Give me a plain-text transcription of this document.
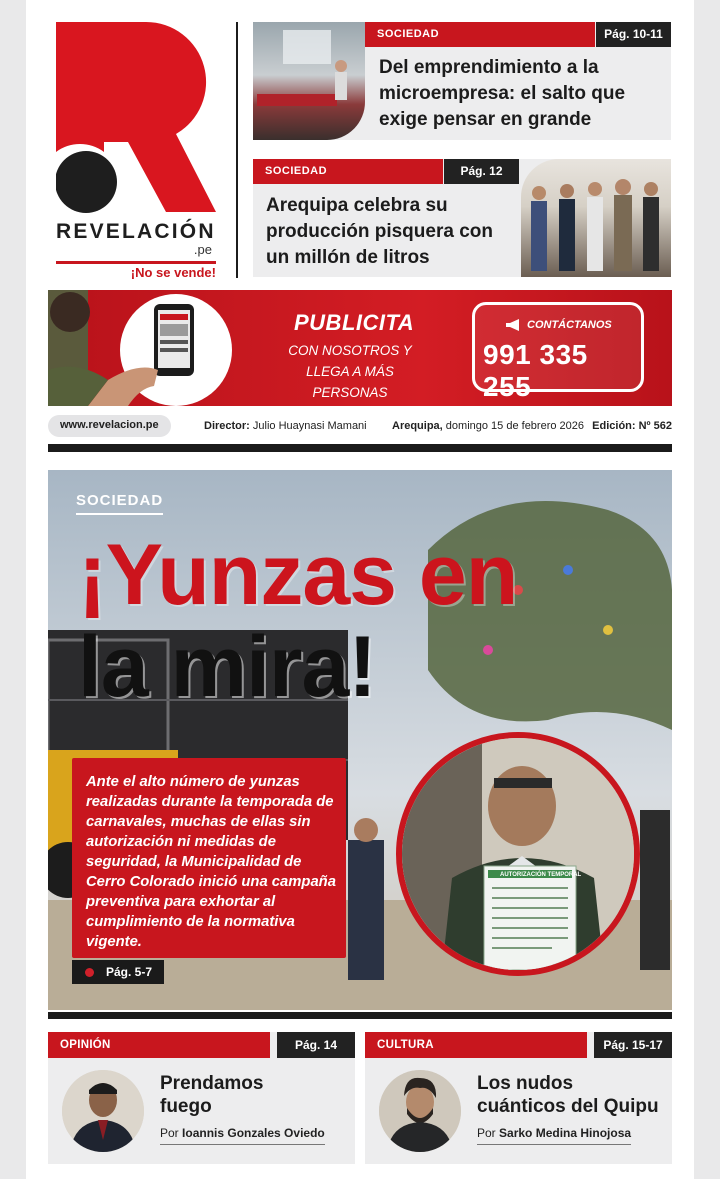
REVELACIÓN
.pe
¡No se vende!
SOCIEDAD	Pág. 10-11
Del emprendimiento a la microempresa: el salto que exige pensar en grande
SOCIEDAD	Pág. 12
Arequipa celebra su producción pisquera con un millón de litros
PUBLICITA
CON NOSOTROS Y LLEGA A MÁS PERSONAS
CONTÁCTANOS
991 335 255
www.revelacion.pe	Director: Julio Huaynasi Mamani Arequipa, domingo 15 de febrero 2026 Edición: Nº 562
AUTORIZACIÓN TEMPORAL
SOCIEDAD
¡Yunzas en
la mira!
Ante el alto número de yunzas realizadas durante la temporada de carnavales, muchas de ellas sin autorización ni medidas de seguridad, la Municipalidad de Cerro Colorado inició una campaña preventiva para exhortar al cumplimiento de la normativa vigente.
Pág. 5-7
OPINIÓN	Pág. 14
Prendamos fuego
Por Ioannis Gonzales Oviedo
CULTURA	Pág. 15-17
Los nudos cuánticos del Quipu
Por Sarko Medina Hinojosa
